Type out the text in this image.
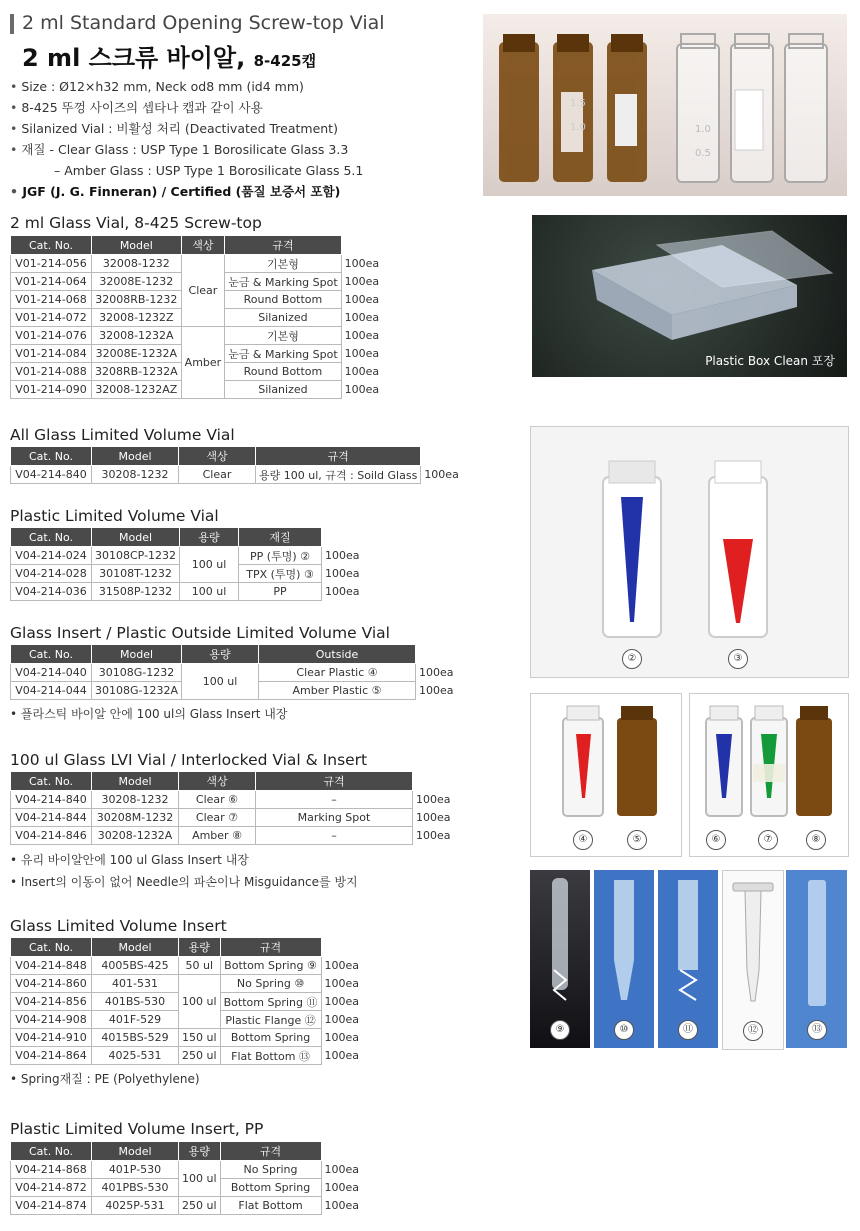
2 ml Standard Opening Screw-top Vial
2 ml 스크류 바이알, 8-425캡
• Size : Ø12×h32 mm, Neck od8 mm (id4 mm)
• 8-425 뚜껑 사이즈의 셉타나 캡과 같이 사용
• Silanized Vial : 비활성 처리 (Deactivated Treatment)
• 재질 - Clear Glass : USP Type 1 Borosilicate Glass 3.3
– Amber Glass : USP Type 1 Borosilicate Glass 5.1
• JGF (J. G. Finneran) / Certified (품질 보증서 포함)
2 ml Glass Vial, 8-425 Screw-top
Cat. No.	Model	색상	규격	
V01-214-056	32008-1232	Clear	기본형	100ea
V01-214-064	32008E-1232		눈금 & Marking Spot	100ea
V01-214-068	32008RB-1232		Round Bottom	100ea
V01-214-072	32008-1232Z		Silanized	100ea
V01-214-076	32008-1232A	Amber	기본형	100ea
V01-214-084	32008E-1232A		눈금 & Marking Spot	100ea
V01-214-088	3208RB-1232A		Round Bottom	100ea
V01-214-090	32008-1232AZ		Silanized	100ea
All Glass Limited Volume Vial
Cat. No.	Model	색상	규격	
V04-214-840	30208-1232	Clear	용량 100 ul, 규격 : Soild Glass	100ea
Plastic Limited Volume Vial
Cat. No.	Model	용량	재질	
V04-214-024	30108CP-1232	100 ul	PP (투명) ②	100ea
V04-214-028	30108T-1232		TPX (투명) ③	100ea
V04-214-036	31508P-1232	100 ul	PP	100ea
Glass Insert / Plastic Outside Limited Volume Vial
Cat. No.	Model	용량	Outside	
V04-214-040	30108G-1232	100 ul	Clear Plastic ④	100ea
V04-214-044	30108G-1232A		Amber Plastic ⑤	100ea
• 플라스틱 바이알 안에 100 ul의 Glass Insert 내장
100 ul Glass LVI Vial / Interlocked Vial & Insert
Cat. No.	Model	색상	규격	
V04-214-840	30208-1232	Clear ⑥	–	100ea
V04-214-844	30208M-1232	Clear ⑦	Marking Spot	100ea
V04-214-846	30208-1232A	Amber ⑧	–	100ea
• 유리 바이알안에 100 ul Glass Insert 내장
• Insert의 이동이 없어 Needle의 파손이나 Misguidance를 방지
Glass Limited Volume Insert
Cat. No.	Model	용량	규격	
V04-214-848	4005BS-425	50 ul	Bottom Spring ⑨	100ea
V04-214-860	401-531	100 ul	No Spring ⑩	100ea
V04-214-856	401BS-530		Bottom Spring ⑪	100ea
V04-214-908	401F-529		Plastic Flange ⑫	100ea
V04-214-910	4015BS-529	150 ul	Bottom Spring	100ea
V04-214-864	4025-531	250 ul	Flat Bottom ⑬	100ea
• Spring재질 : PE (Polyethylene)
Plastic Limited Volume Insert, PP
Cat. No.	Model	용량	규격	
V04-214-868	401P-530	100 ul	No Spring	100ea
V04-214-872	401PBS-530		Bottom Spring	100ea
V04-214-874	4025P-531	250 ul	Flat Bottom	100ea
1.5
1.0	1.0
0.5
Plastic Box Clean 포장
②	③
④	⑤	⑥	⑦	⑧
⑨	⑩	⑪	⑫	⑬
